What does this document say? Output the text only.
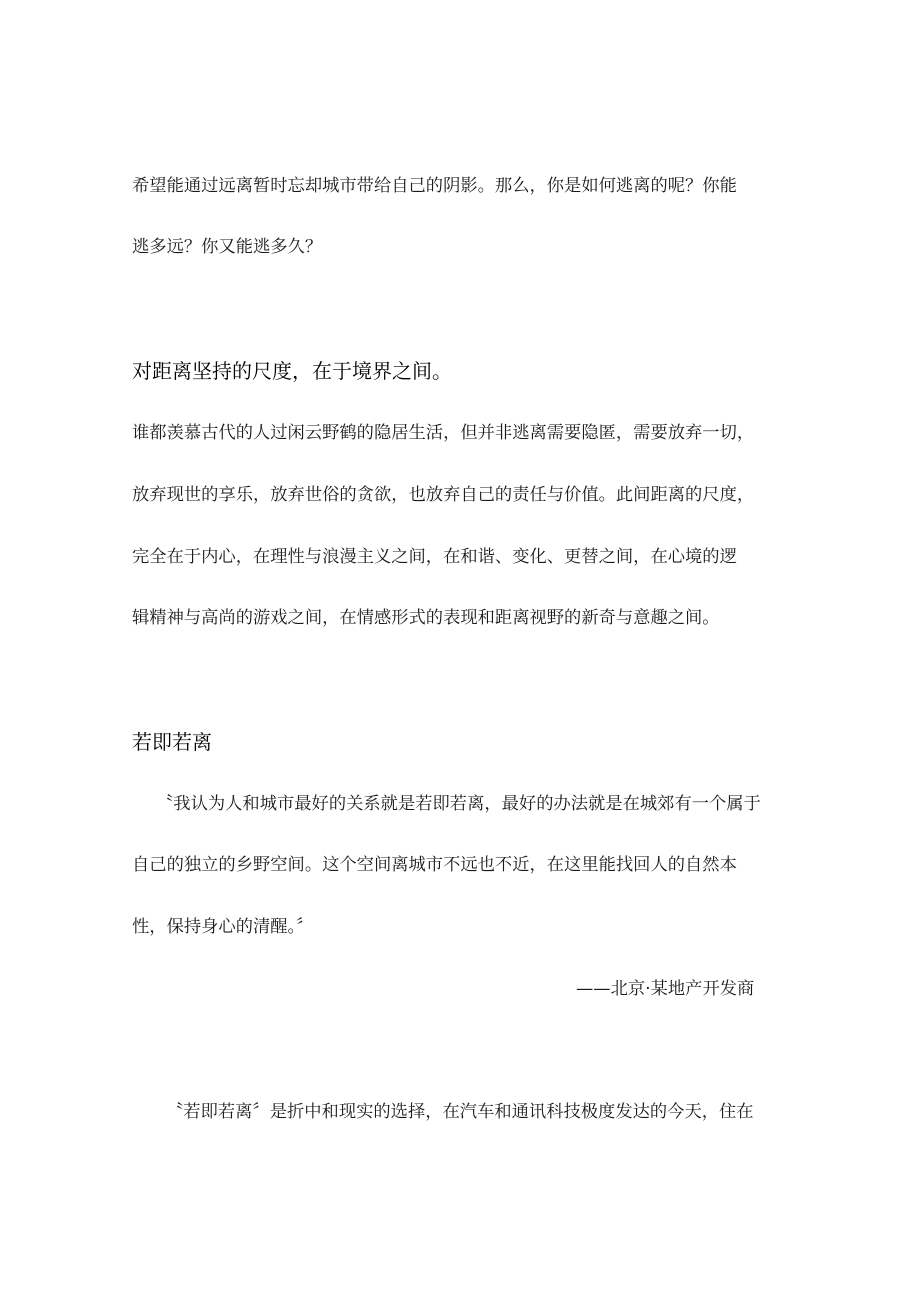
希望能通过远离暂时忘却城市带给自己的阴影。那么，你是如何逃离的呢？你能
逃多远？你又能逃多久？
对距离坚持的尺度，在于境界之间。
谁都羡慕古代的人过闲云野鹤的隐居生活，但并非逃离需要隐匿，需要放弃一切，
放弃现世的享乐，放弃世俗的贪欲，也放弃自己的责任与价值。此间距离的尺度，
完全在于内心，在理性与浪漫主义之间，在和谐、变化、更替之间，在心境的逻
辑精神与高尚的游戏之间，在情感形式的表现和距离视野的新奇与意趣之间。
若即若离
〝我认为人和城市最好的关系就是若即若离，最好的办法就是在城郊有一个属于
自己的独立的乡野空间。这个空间离城市不远也不近，在这里能找回人的自然本
性，保持身心的清醒。〞
——北京·某地产开发商
〝若即若离〞是折中和现实的选择，在汽车和通讯科技极度发达的今天，住在
